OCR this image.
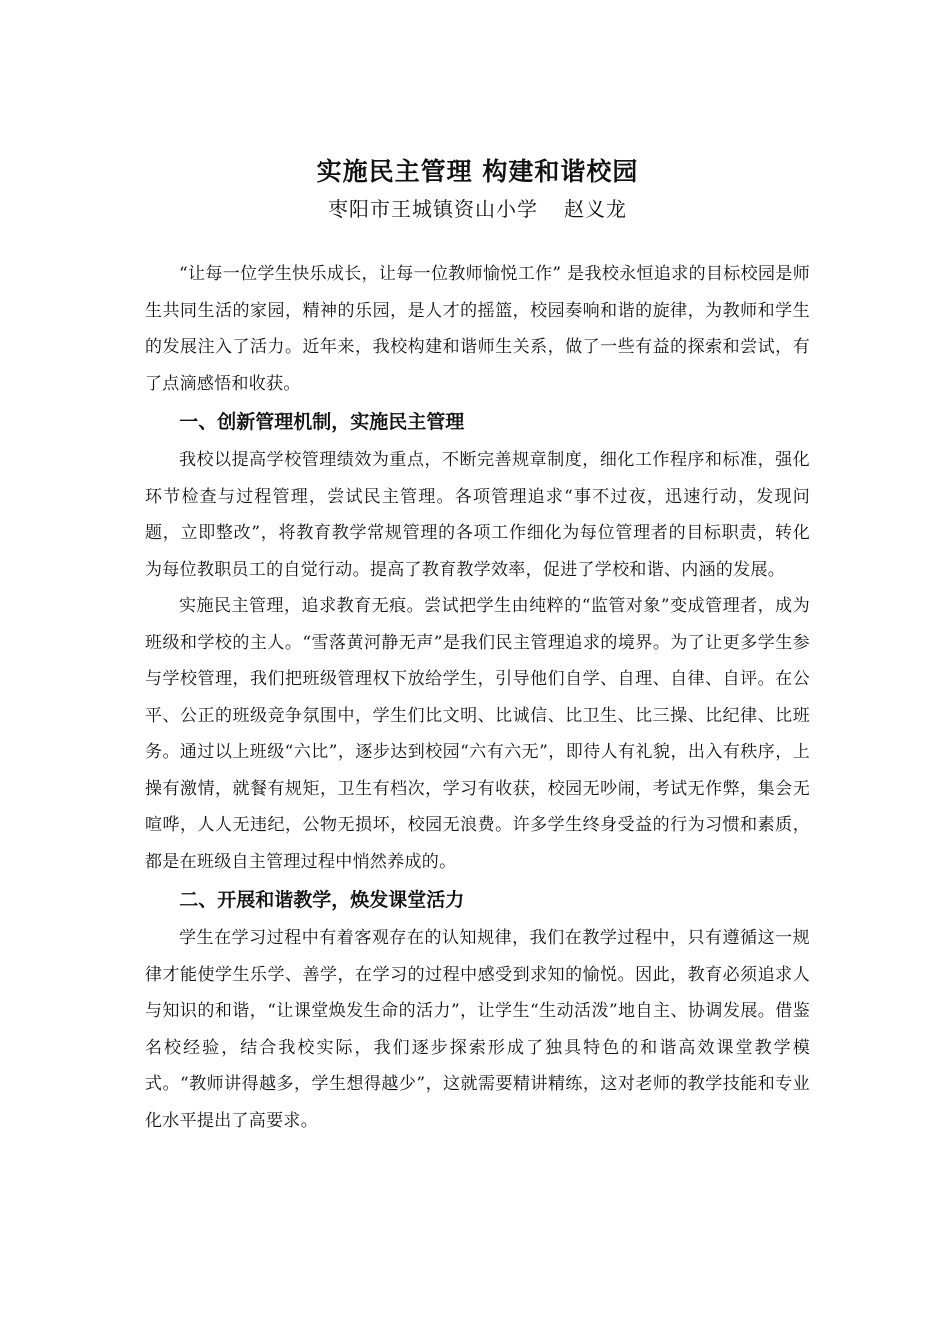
实施民主管理 构建和谐校园
枣阳市王城镇资山小学 赵义龙

“让每一位学生快乐成长，让每一位教师愉悦工作” 是我校永恒追求的目标校园是师生共同生活的家园，精神的乐园，是人才的摇篮，校园奏响和谐的旋律，为教师和学生的发展注入了活力。近年来，我校构建和谐师生关系，做了一些有益的探索和尝试，有了点滴感悟和收获。

一、创新管理机制，实施民主管理

我校以提高学校管理绩效为重点，不断完善规章制度，细化工作程序和标准，强化环节检查与过程管理，尝试民主管理。各项管理追求“事不过夜，迅速行动，发现问题，立即整改”，将教育教学常规管理的各项工作细化为每位管理者的目标职责，转化为每位教职员工的自觉行动。提高了教育教学效率，促进了学校和谐、内涵的发展。

实施民主管理，追求教育无痕。尝试把学生由纯粹的“监管对象”变成管理者，成为班级和学校的主人。“雪落黄河静无声”是我们民主管理追求的境界。为了让更多学生参与学校管理，我们把班级管理权下放给学生，引导他们自学、自理、自律、自评。在公平、公正的班级竞争氛围中，学生们比文明、比诚信、比卫生、比三操、比纪律、比班务。通过以上班级“六比”，逐步达到校园“六有六无”，即待人有礼貌，出入有秩序，上操有激情，就餐有规矩，卫生有档次，学习有收获，校园无吵闹，考试无作弊，集会无喧哗，人人无违纪，公物无损坏，校园无浪费。许多学生终身受益的行为习惯和素质，都是在班级自主管理过程中悄然养成的。

二、开展和谐教学，焕发课堂活力

学生在学习过程中有着客观存在的认知规律，我们在教学过程中，只有遵循这一规律才能使学生乐学、善学，在学习的过程中感受到求知的愉悦。因此，教育必须追求人与知识的和谐，“让课堂焕发生命的活力”，让学生“生动活泼”地自主、协调发展。借鉴名校经验，结合我校实际，我们逐步探索形成了独具特色的和谐高效课堂教学模式。“教师讲得越多，学生想得越少”，这就需要精讲精练，这对老师的教学技能和专业化水平提出了高要求。
